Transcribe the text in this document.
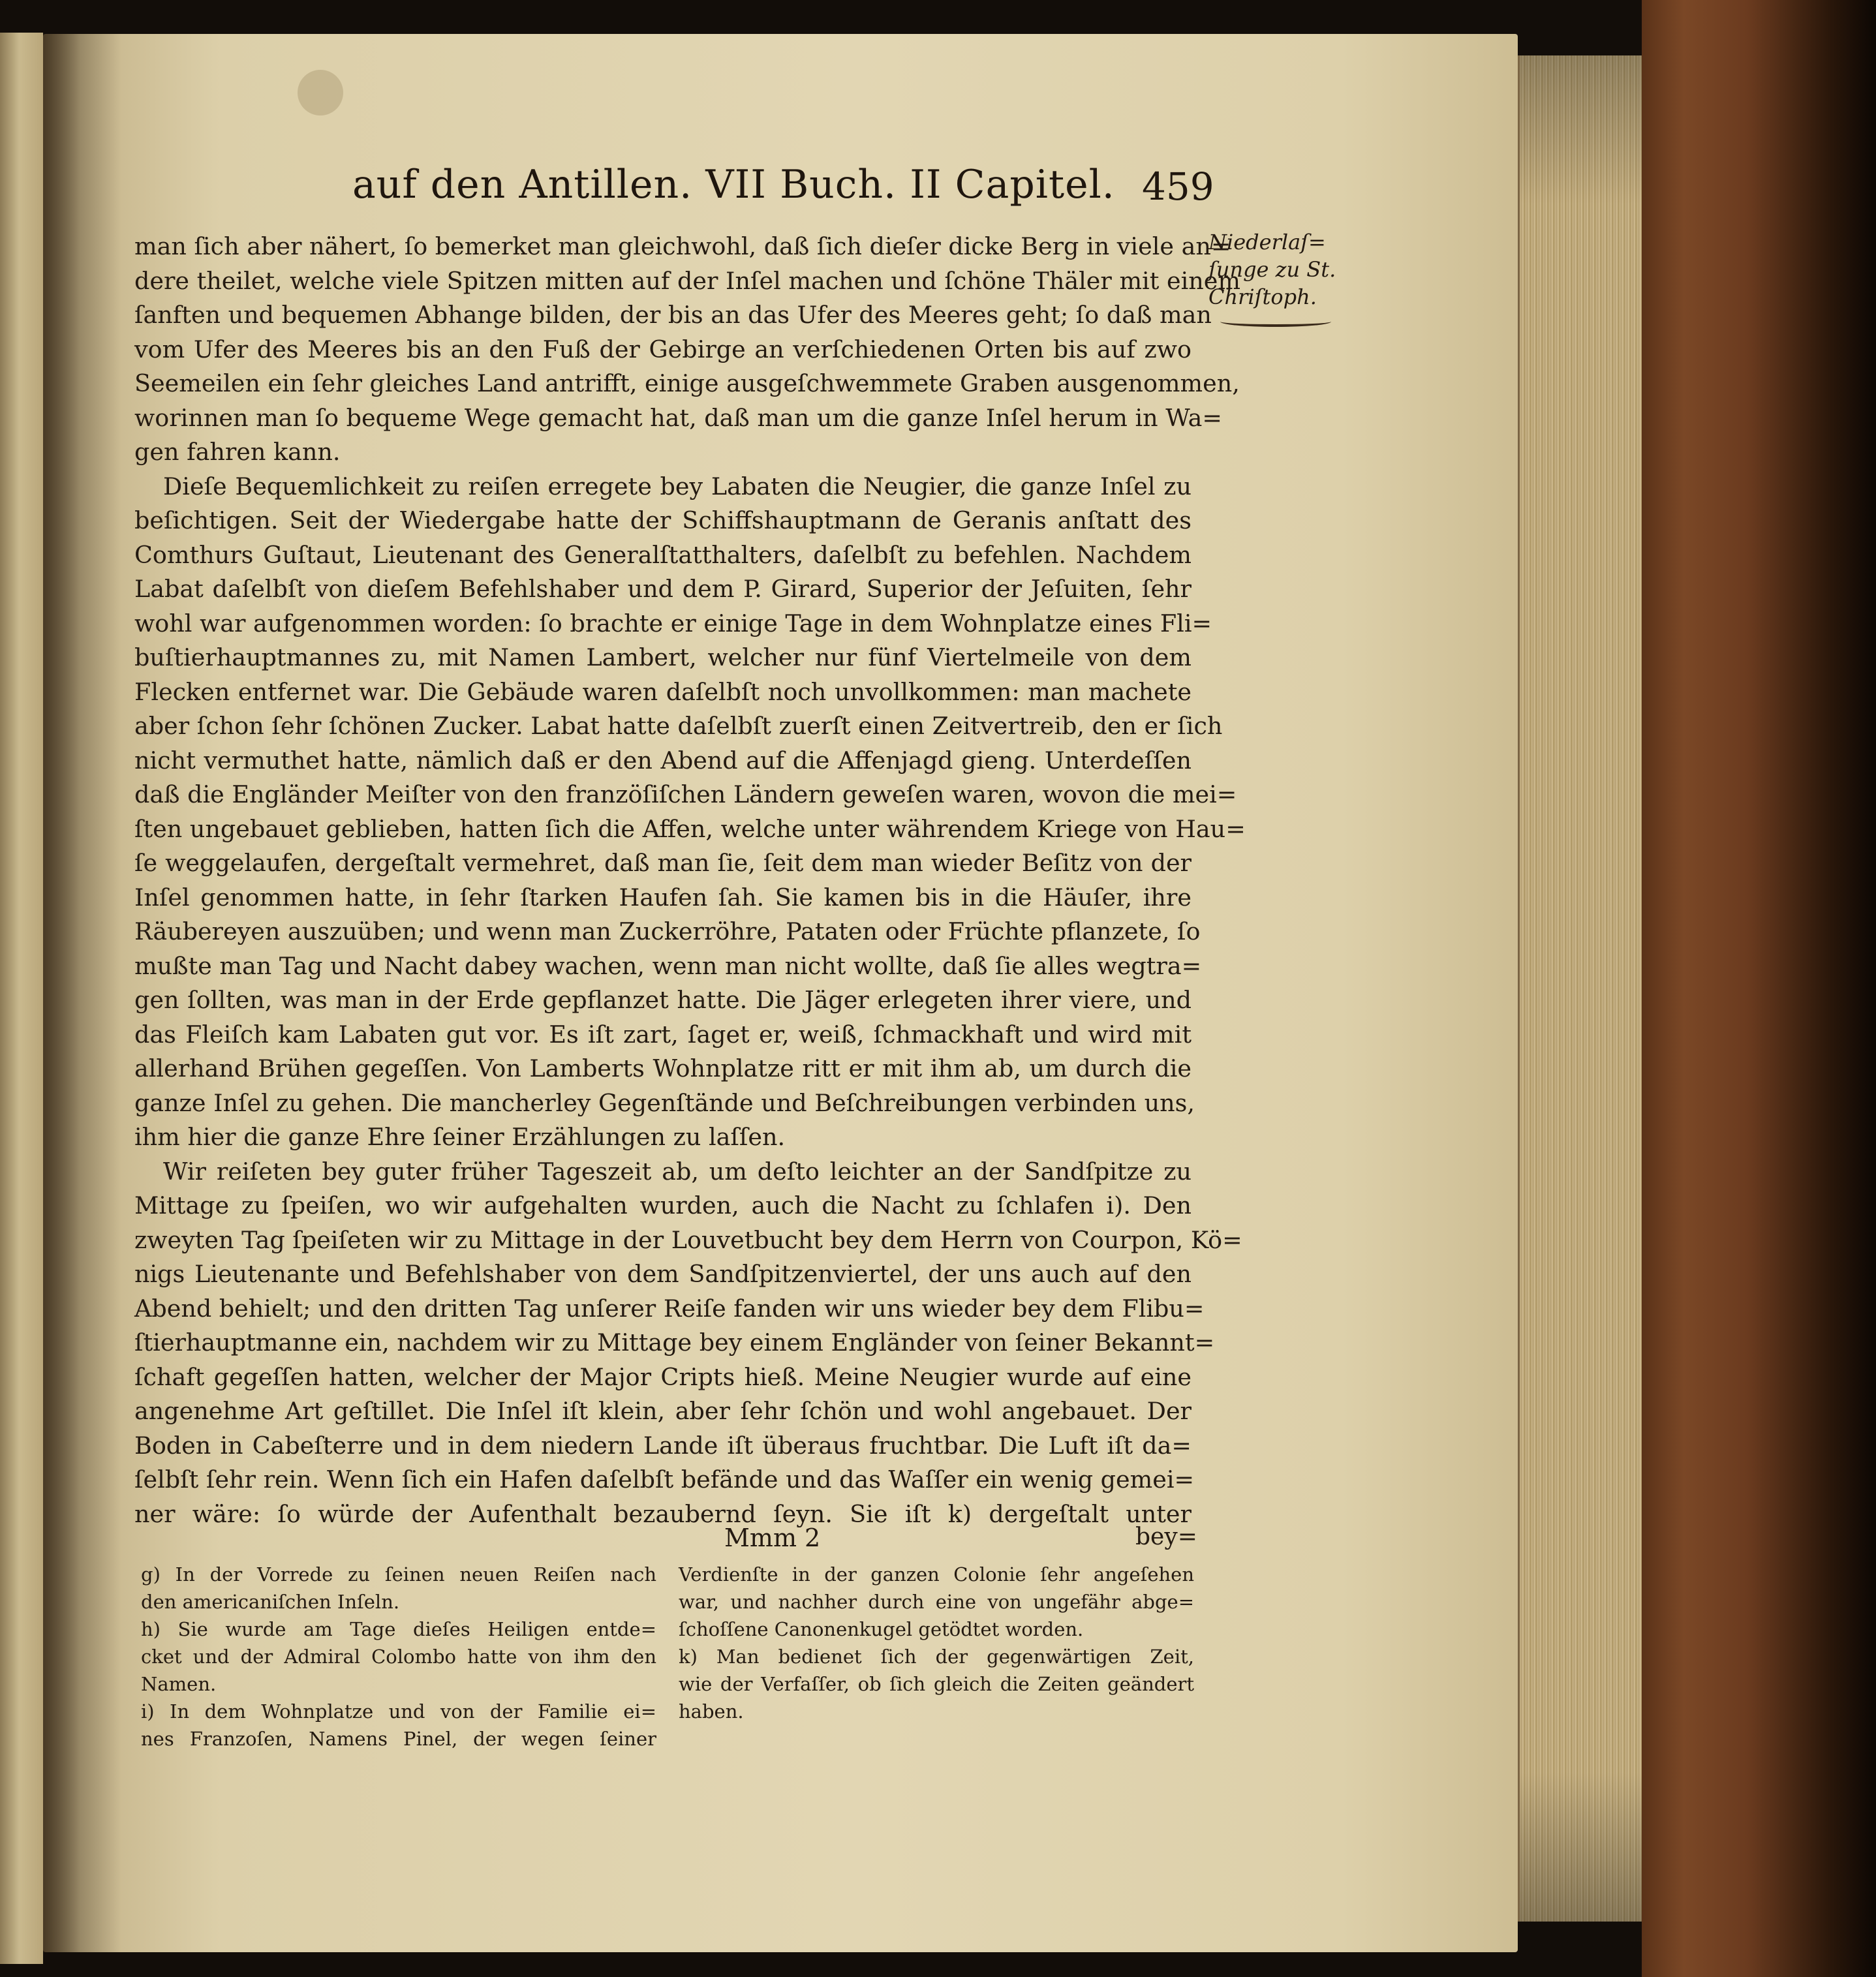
auf den Antillen. VII Buch. II Capitel. 459
Niederlaſ=
ſunge zu St.
Chriſtoph.
man ſich aber nähert, ſo bemerket man gleichwohl, daß ſich dieſer dicke Berg in viele an=
dere theilet, welche viele Spitzen mitten auf der Inſel machen und ſchöne Thäler mit einem
ſanften und bequemen Abhange bilden, der bis an das Ufer des Meeres geht; ſo daß man
vom Ufer des Meeres bis an den Fuß der Gebirge an verſchiedenen Orten bis auf zwo
Seemeilen ein ſehr gleiches Land antrifft, einige ausgeſchwemmete Graben ausgenommen,
worinnen man ſo bequeme Wege gemacht hat, daß man um die ganze Inſel herum in Wa=
gen fahren kann.
Dieſe Bequemlichkeit zu reiſen erregete bey Labaten die Neugier, die ganze Inſel zu
beſichtigen. Seit der Wiedergabe hatte der Schiffshauptmann de Geranis anſtatt des
Comthurs Guſtaut, Lieutenant des Generalſtatthalters, daſelbſt zu befehlen. Nachdem
Labat daſelbſt von dieſem Befehlshaber und dem P. Girard, Superior der Jeſuiten, ſehr
wohl war aufgenommen worden: ſo brachte er einige Tage in dem Wohnplatze eines Fli=
buſtierhauptmannes zu, mit Namen Lambert, welcher nur fünf Viertelmeile von dem
Flecken entfernet war. Die Gebäude waren daſelbſt noch unvollkommen: man machete
aber ſchon ſehr ſchönen Zucker. Labat hatte daſelbſt zuerſt einen Zeitvertreib, den er ſich
nicht vermuthet hatte, nämlich daß er den Abend auf die Affenjagd gieng. Unterdeſſen
daß die Engländer Meiſter von den franzöſiſchen Ländern geweſen waren, wovon die mei=
ſten ungebauet geblieben, hatten ſich die Affen, welche unter währendem Kriege von Hau=
ſe weggelaufen, dergeſtalt vermehret, daß man ſie, ſeit dem man wieder Beſitz von der
Inſel genommen hatte, in ſehr ſtarken Haufen ſah. Sie kamen bis in die Häuſer, ihre
Räubereyen auszuüben; und wenn man Zuckerröhre, Pataten oder Früchte pflanzete, ſo
mußte man Tag und Nacht dabey wachen, wenn man nicht wollte, daß ſie alles wegtra=
gen ſollten, was man in der Erde gepflanzet hatte. Die Jäger erlegeten ihrer viere, und
das Fleiſch kam Labaten gut vor. Es iſt zart, ſaget er, weiß, ſchmackhaft und wird mit
allerhand Brühen gegeſſen. Von Lamberts Wohnplatze ritt er mit ihm ab, um durch die
ganze Inſel zu gehen. Die mancherley Gegenſtände und Beſchreibungen verbinden uns,
ihm hier die ganze Ehre ſeiner Erzählungen zu laſſen.
Wir reiſeten bey guter früher Tageszeit ab, um deſto leichter an der Sandſpitze zu
Mittage zu ſpeiſen, wo wir aufgehalten wurden, auch die Nacht zu ſchlafen i). Den
zweyten Tag ſpeiſeten wir zu Mittage in der Louvetbucht bey dem Herrn von Courpon, Kö=
nigs Lieutenante und Befehlshaber von dem Sandſpitzenviertel, der uns auch auf den
Abend behielt; und den dritten Tag unſerer Reiſe fanden wir uns wieder bey dem Flibu=
ſtierhauptmanne ein, nachdem wir zu Mittage bey einem Engländer von ſeiner Bekannt=
ſchaft gegeſſen hatten, welcher der Major Cripts hieß. Meine Neugier wurde auf eine
angenehme Art geſtillet. Die Inſel iſt klein, aber ſehr ſchön und wohl angebauet. Der
Boden in Cabeſterre und in dem niedern Lande iſt überaus fruchtbar. Die Luft iſt da=
ſelbſt ſehr rein. Wenn ſich ein Hafen daſelbſt befände und das Waſſer ein wenig gemei=
ner wäre: ſo würde der Aufenthalt bezaubernd ſeyn. Sie iſt k) dergeſtalt unter
Mmm 2	bey=
g) In der Vorrede zu ſeinen neuen Reiſen nach
den americaniſchen Inſeln.
h) Sie wurde am Tage dieſes Heiligen entde=
cket und der Admiral Colombo hatte von ihm den
Namen.
i) In dem Wohnplatze und von der Familie ei=
nes Franzoſen, Namens Pinel, der wegen ſeiner
Verdienſte in der ganzen Colonie ſehr angeſehen
war, und nachher durch eine von ungefähr abge=
ſchoſſene Canonenkugel getödtet worden.
k) Man bedienet ſich der gegenwärtigen Zeit,
wie der Verfaſſer, ob ſich gleich die Zeiten geändert
haben.
